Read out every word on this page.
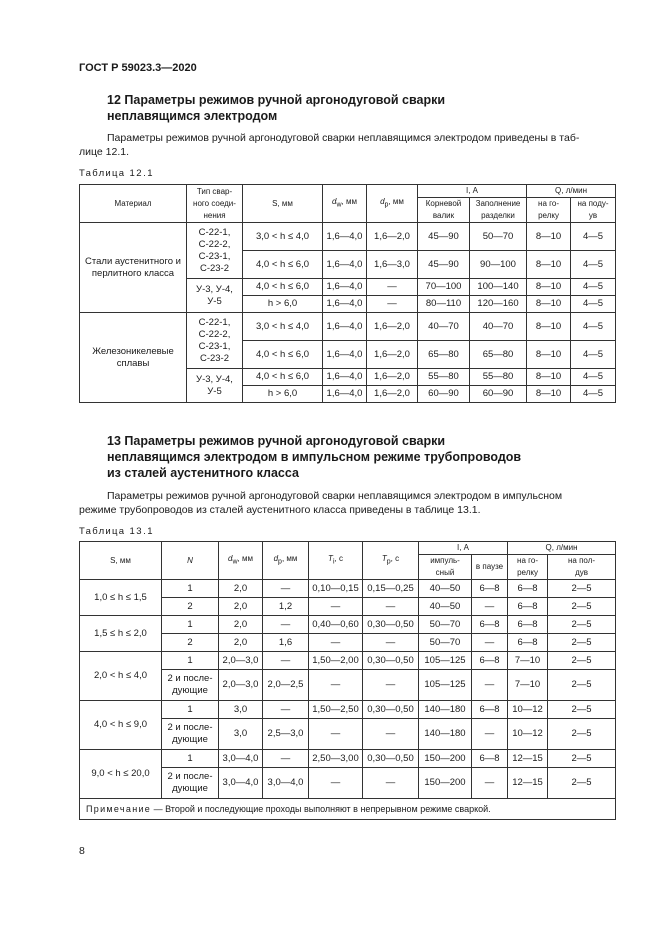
ГОСТ Р 59023.3—2020
12 Параметры режимов ручной аргонодуговой сварки
неплавящимся электродом
Параметры режимов ручной аргонодуговой сварки неплавящимся электродом приведены в таб-
лице 12.1.
Таблица 12.1
Материал	Тип свар-
ного соеди-
нения	S, мм	$d_w$, мм	$d_p$, мм	I, А		Q, л/мин	
					Корневой
валик	Заполнение
разделки	на го-
релку	на поду-
ув
Стали аустенитного и
перлитного класса	С-22-1,
С-22-2,
С-23-1,
С-23-2	3,0 < h ≤ 4,0	1,6—4,0	1,6—2,0	45—90	50—70	8—10	4—5
		4,0 < h ≤ 6,0	1,6—4,0	1,6—3,0	45—90	90—100	8—10	4—5
	У-3, У-4,
У-5	4,0 < h ≤ 6,0	1,6—4,0	—	70—100	100—140	8—10	4—5
		h > 6,0	1,6—4,0	—	80—110	120—160	8—10	4—5
Железоникелевые
сплавы	С-22-1,
С-22-2,
С-23-1,
С-23-2	3,0 < h ≤ 4,0	1,6—4,0	1,6—2,0	40—70	40—70	8—10	4—5
		4,0 < h ≤ 6,0	1,6—4,0	1,6—2,0	65—80	65—80	8—10	4—5
	У-3, У-4,
У-5	4,0 < h ≤ 6,0	1,6—4,0	1,6—2,0	55—80	55—80	8—10	4—5
		h > 6,0	1,6—4,0	1,6—2,0	60—90	60—90	8—10	4—5
13 Параметры режимов ручной аргонодуговой сварки
неплавящимся электродом в импульсном режиме трубопроводов
из сталей аустенитного класса
Параметры режимов ручной аргонодуговой сварки неплавящимся электродом в импульсном
режиме трубопроводов из сталей аустенитного класса приведены в таблице 13.1.
Таблица 13.1
S, мм	N	$d_w$, мм	$d_p$, мм	$T_i$, с	$T_p$, с	I, А		Q, л/мин	
						импуль-
сный	в паузе	на го-
релку	на пол-
дув
1,0 ≤ h ≤ 1,5	1	2,0	—	0,10—0,15	0,15—0,25	40—50	6—8	6—8	2—5
	2	2,0	1,2	—	—	40—50	—	6—8	2—5
1,5 ≤ h ≤ 2,0	1	2,0	—	0,40—0,60	0,30—0,50	50—70	6—8	6—8	2—5
	2	2,0	1,6	—	—	50—70	—	6—8	2—5
2,0 < h ≤ 4,0	1	2,0—3,0	—	1,50—2,00	0,30—0,50	105—125	6—8	7—10	2—5
	2 и после-
дующие	2,0—3,0	2,0—2,5	—	—	105—125	—	7—10	2—5
4,0 < h ≤ 9,0	1	3,0	—	1,50—2,50	0,30—0,50	140—180	6—8	10—12	2—5
	2 и после-
дующие	3,0	2,5—3,0	—	—	140—180	—	10—12	2—5
9,0 < h ≤ 20,0	1	3,0—4,0	—	2,50—3,00	0,30—0,50	150—200	6—8	12—15	2—5
	2 и после-
дующие	3,0—4,0	3,0—4,0	—	—	150—200	—	12—15	2—5
Примечание — Второй и последующие проходы выполняют в непрерывном режиме сваркой.									
8
